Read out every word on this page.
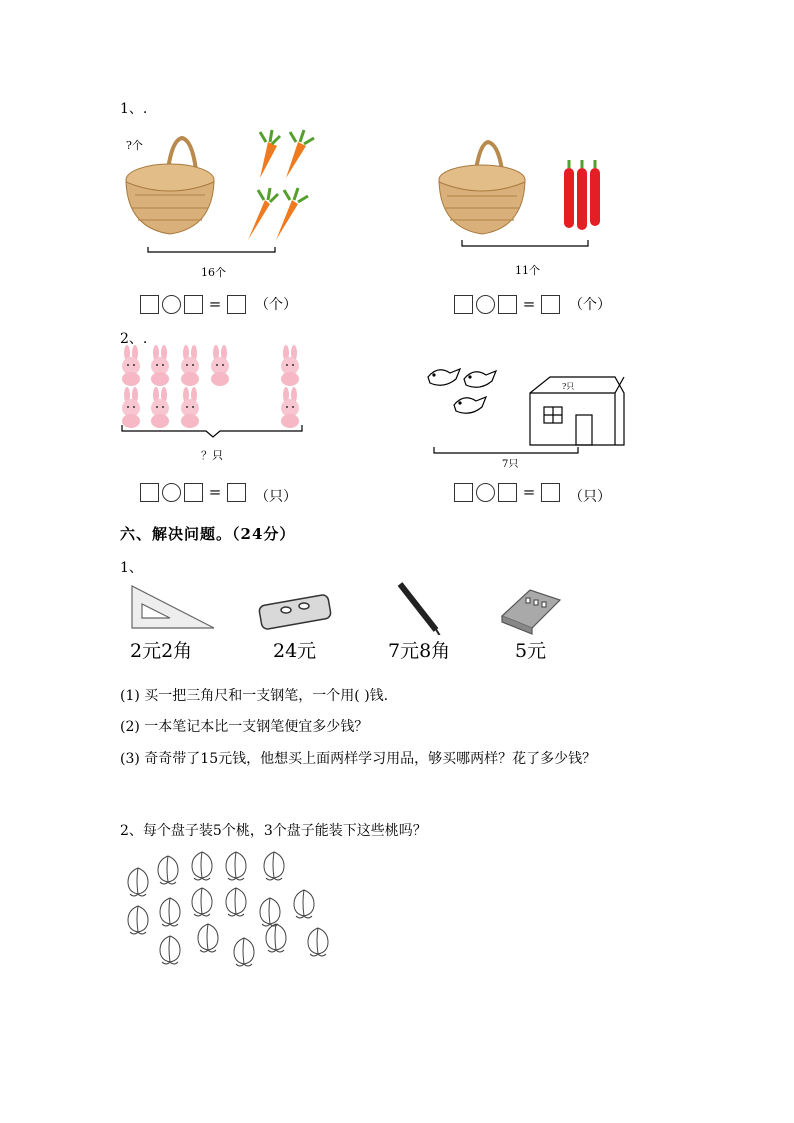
1、.
?个
16个
= （个）
11个
= （个）
2、.
？只
= （只）
?只
7只
= （只）
六、解决问题。（24分）
1、
2元2角	24元	7元8角	5元
(1) 买一把三角尺和一支钢笔，一个用( )钱.
(2) 一本笔记本比一支钢笔便宜多少钱？
(3) 奇奇带了15元钱，他想买上面两样学习用品，够买哪两样？花了多少钱？
2、每个盘子装5个桃，3个盘子能装下这些桃吗？
